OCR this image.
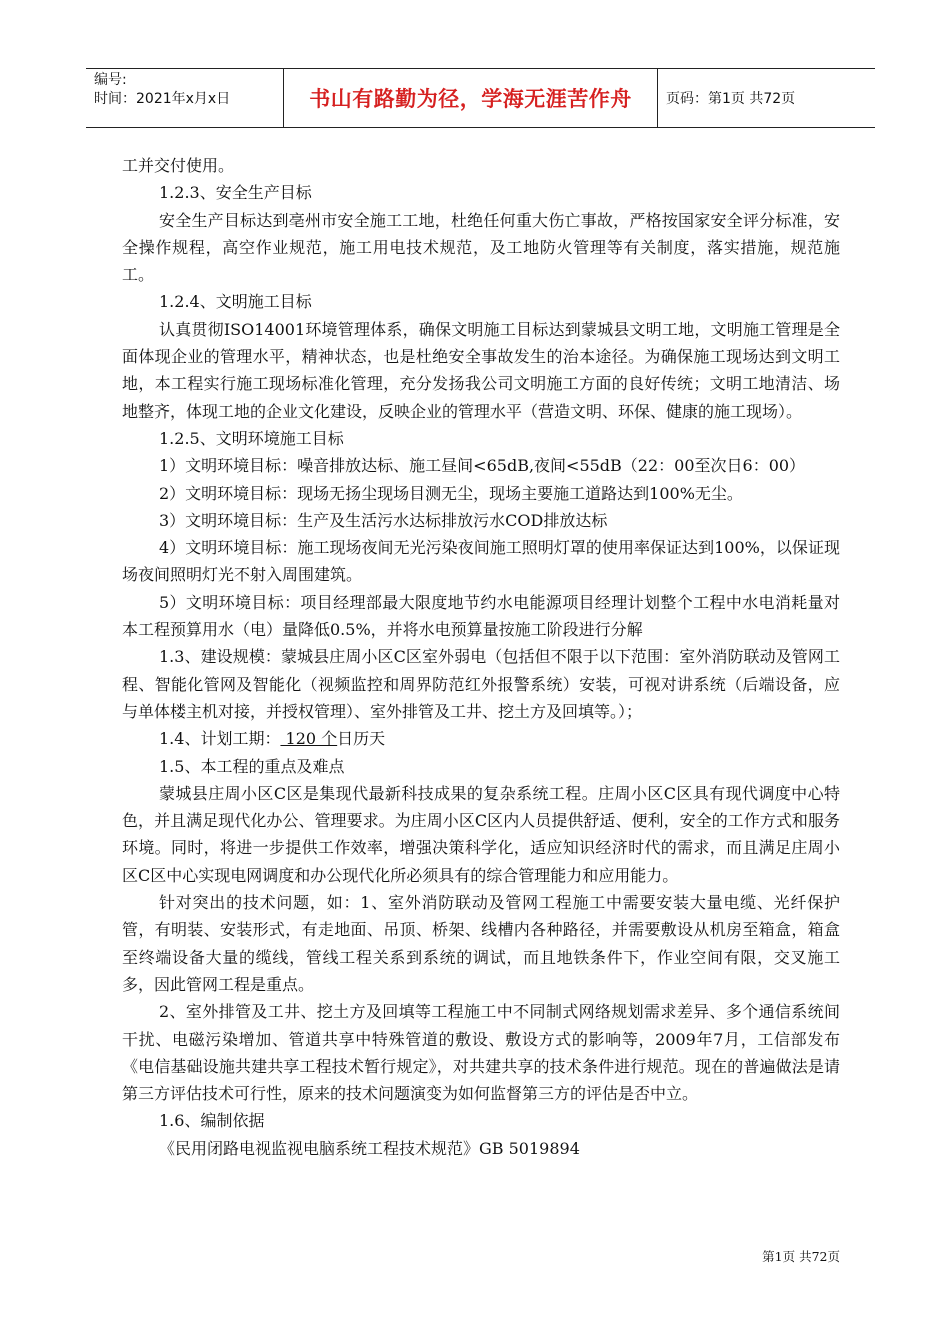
编号:
时间：2021年x月x日	书山有路勤为径，学海无涯苦作舟	页码：第1页 共72页

工并交付使用。

1.2.3、安全生产目标

安全生产目标达到亳州市安全施工工地，杜绝任何重大伤亡事故，严格按国家安全评分标准，安全操作规程，高空作业规范，施工用电技术规范，及工地防火管理等有关制度，落实措施，规范施工。

1.2.4、文明施工目标

认真贯彻ISO14001环境管理体系，确保文明施工目标达到蒙城县文明工地，文明施工管理是全面体现企业的管理水平，精神状态，也是杜绝安全事故发生的治本途径。为确保施工现场达到文明工地，本工程实行施工现场标准化管理，充分发扬我公司文明施工方面的良好传统；文明工地清洁、场地整齐，体现工地的企业文化建设，反映企业的管理水平（营造文明、环保、健康的施工现场）。

1.2.5、文明环境施工目标

1）文明环境目标：噪音排放达标、施工昼间<65dB,夜间<55dB（22：00至次日6：00）

2）文明环境目标：现场无扬尘现场目测无尘，现场主要施工道路达到100%无尘。

3）文明环境目标：生产及生活污水达标排放污水COD排放达标

4）文明环境目标：施工现场夜间无光污染夜间施工照明灯罩的使用率保证达到100%，以保证现场夜间照明灯光不射入周围建筑。

5）文明环境目标：项目经理部最大限度地节约水电能源项目经理计划整个工程中水电消耗量对本工程预算用水（电）量降低0.5%，并将水电预算量按施工阶段进行分解

1.3、建设规模：蒙城县庄周小区C区室外弱电（包括但不限于以下范围：室外消防联动及管网工程、智能化管网及智能化（视频监控和周界防范红外报警系统）安装，可视对讲系统（后端设备，应与单体楼主机对接，并授权管理）、室外排管及工井、挖土方及回填等。）；

1.4、计划工期： 120 个日历天

1.5、本工程的重点及难点

蒙城县庄周小区C区是集现代最新科技成果的复杂系统工程。庄周小区C区具有现代调度中心特色，并且满足现代化办公、管理要求。为庄周小区C区内人员提供舒适、便利，安全的工作方式和服务环境。同时，将进一步提供工作效率，增强决策科学化，适应知识经济时代的需求，而且满足庄周小区C区中心实现电网调度和办公现代化所必须具有的综合管理能力和应用能力。

针对突出的技术问题，如：1、室外消防联动及管网工程施工中需要安装大量电缆、光纤保护管，有明装、安装形式，有走地面、吊顶、桥架、线槽内各种路径，并需要敷设从机房至箱盒，箱盒至终端设备大量的缆线，管线工程关系到系统的调试，而且地铁条件下，作业空间有限，交叉施工多，因此管网工程是重点。

2、室外排管及工井、挖土方及回填等工程施工中不同制式网络规划需求差异、多个通信系统间干扰、电磁污染增加、管道共享中特殊管道的敷设、敷设方式的影响等，2009年7月，工信部发布《电信基础设施共建共享工程技术暂行规定》，对共建共享的技术条件进行规范。现在的普遍做法是请第三方评估技术可行性，原来的技术问题演变为如何监督第三方的评估是否中立。

1.6、编制依据

《民用闭路电视监视电脑系统工程技术规范》GB 5019894

第1页 共72页
